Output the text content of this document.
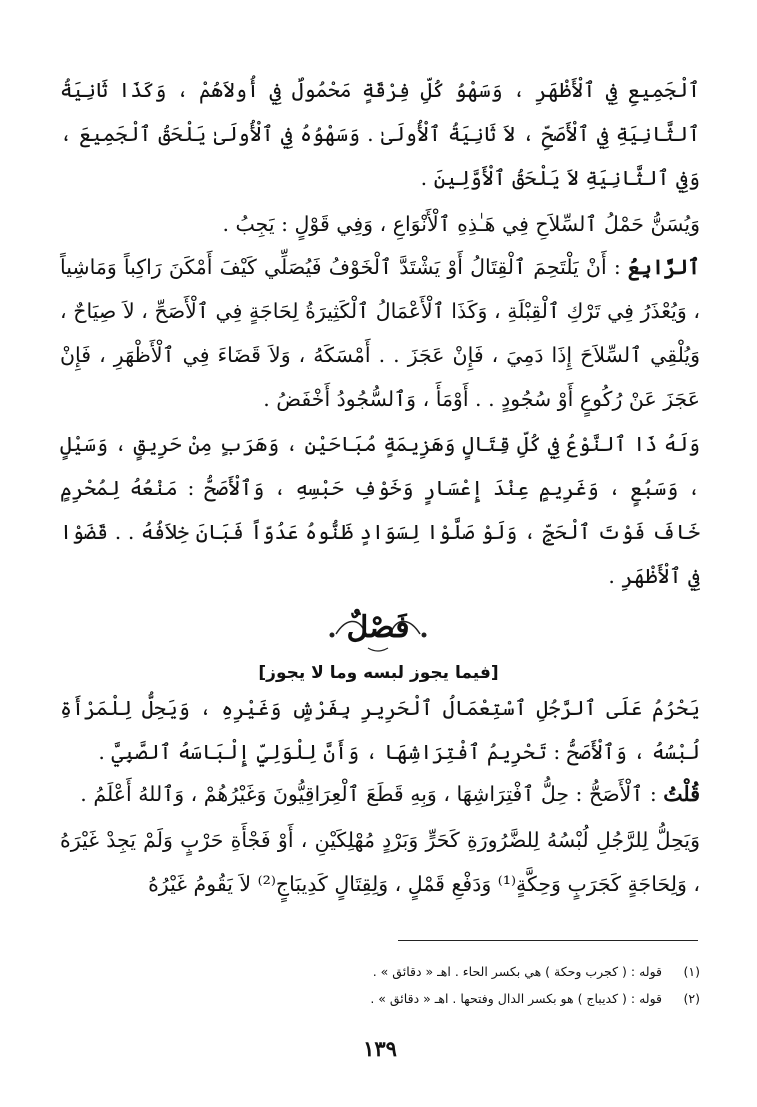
ٱلْجَمِيعِ فِي ٱلْأَظْهَرِ ، وَسَهْوُ كُلِّ فِرْقَةٍ مَحْمُولٌ فِي أُولاَهُمْ ، وَكَذَا ثَانِيَةُ ٱلثَّانِيَةِ فِي ٱلْأَصَحِّ ، لاَ ثَانِيَةُ ٱلْأُولَىٰ . وَسَهْوُهُ فِي ٱلْأُولَىٰ يَلْحَقُ ٱلْجَمِيعَ ، وَفِي ٱلثَّانِيَةِ لاَ يَلْحَقُ ٱلْأَوَّلِينَ .

وَيُسَنُّ حَمْلُ ٱلسِّلاَحِ فِي هَـٰذِهِ ٱلْأَنْوَاعِ ، وَفِي قَوْلٍ : يَجِبُ .

ٱلرَّابِعُ : أَنْ يَلْتَحِمَ ٱلْقِتَالُ أَوْ يَشْتَدَّ ٱلْخَوْفُ فَيُصَلِّي كَيْفَ أَمْكَنَ رَاكِباً وَمَاشِياً ، وَيُعْذَرُ فِي تَرْكِ ٱلْقِبْلَةِ ، وَكَذَا ٱلْأَعْمَالُ ٱلْكَثِيرَةُ لِحَاجَةٍ فِي ٱلْأَصَحِّ ، لاَ صِيَاحٌ ، وَيُلْقِي ٱلسِّلاَحَ إِذَا دَمِيَ ، فَإِنْ عَجَزَ . . أَمْسَكَهُ ، وَلاَ قَضَاءَ فِي ٱلْأَظْهَرِ ، فَإِنْ عَجَزَ عَنْ رُكُوعٍ أَوْ سُجُودٍ . . أَوْمَأَ ، وَٱلسُّجُودُ أَخْفَضُ .

وَلَهُ ذَا ٱلنَّوْعُ فِي كُلِّ قِتَالٍ وَهَزِيمَةٍ مُبَاحَيْنِ ، وَهَرَبٍ مِنْ حَرِيقٍ ، وَسَيْلٍ ، وَسَبُعٍ ، وَغَرِيمٍ عِنْدَ إِعْسَارٍ وَخَوْفِ حَبْسِهِ ، وَٱلْأَصَحُّ : مَنْعُهُ لِمُحْرِمٍ خَافَ فَوْتَ ٱلْحَجِّ ، وَلَوْ صَلَّوْا لِسَوَادٍ ظَنُّوهُ عَدُوّاً فَبَانَ خِلاَفُهُ . . قَضَوْا فِي ٱلْأَظْهَرِ .

فَصْلٌ
[فيما يجوز لبسه وما لا يجوز]

يَحْرُمُ عَلَى ٱلرَّجُلِ ٱسْتِعْمَالُ ٱلْحَرِيرِ بِفَرْشٍ وَغَيْرِهِ ، وَيَحِلُّ لِلْمَرْأَةِ لُبْسُهُ ، وَٱلْأَصَحُّ : تَحْرِيمُ ٱفْتِرَاشِهَا ، وَأَنَّ لِلْوَلِيِّ إِلْبَاسَهُ ٱلصَّبِيَّ .

قُلْتُ : ٱلْأَصَحُّ : حِلُّ ٱفْتِرَاشِهَا ، وَبِهِ قَطَعَ ٱلْعِرَاقِيُّونَ وَغَيْرُهُمْ ، وَٱللهُ أَعْلَمُ .

وَيَحِلُّ لِلرَّجُلِ لُبْسُهُ لِلضَّرُورَةِ كَحَرٍّ وَبَرْدٍ مُهْلِكَيْنِ ، أَوْ فَجْأَةِ حَرْبٍ وَلَمْ يَجِدْ غَيْرَهُ ، وَلِحَاجَةٍ كَجَرَبٍ وَحِكَّةٍ⁽¹⁾ وَدَفْعِ قَمْلٍ ، وَلِقِتَالٍ كَدِيبَاجٍ⁽²⁾ لاَ يَقُومُ غَيْرُهُ

(١) قوله : ( كجرب وحكة ) هي بكسر الحاء . اهـ « دقائق » .
(٢) قوله : ( كديباج ) هو بكسر الدال وفتحها . اهـ « دقائق » .
١٣٩
